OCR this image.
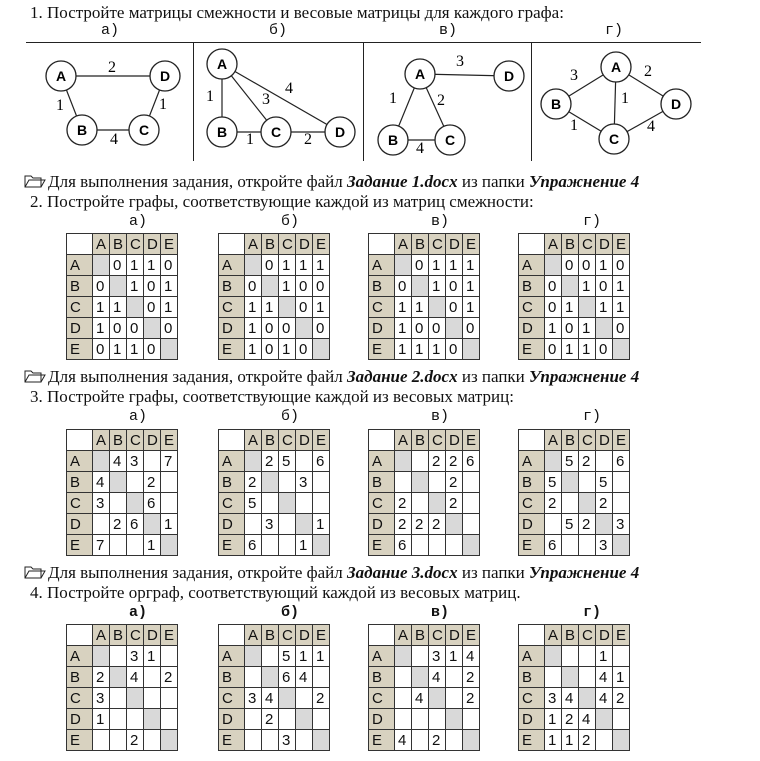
1. Постройте матрицы смежности и весовые матрицы для каждого графа:
а)	б)	в)	г)
2
1	1
4
A	D
B	C
1	3
4
1	2
A
B	C	D
3
1	2
4
A	D
B	C
3	2
1
1	4
A
B
C
D
Для выполнения задания, откройте файл Задание 1.docx из папки Упражнение 4
2. Постройте графы, соответствующие каждой из матриц смежности:
а)	б)	в)	г)
	A	B	C	D	E
A		0	1	1	0
B	0		1	0	1
C	1	1		0	1
D	1	0	0		0
E	0	1	1	0	
	A	B	C	D	E
A		0	1	1	1
B	0		1	0	0
C	1	1		0	1
D	1	0	0		0
E	1	0	1	0	
	A	B	C	D	E
A		0	1	1	1
B	0		1	0	1
C	1	1		0	1
D	1	0	0		0
E	1	1	1	0	
	A	B	C	D	E
A		0	0	1	0
B	0		1	0	1
C	0	1		1	1
D	1	0	1		0
E	0	1	1	0	
Для выполнения задания, откройте файл Задание 2.docx из папки Упражнение 4
3. Постройте графы, соответствующие каждой из весовых матриц:
а)	б)	в)	г)
	A	B	C	D	E
A		4	3		7
B	4			2	
C	3			6	
D		2	6		1
E	7			1	
	A	B	C	D	E
A		2	5		6
B	2			3	
C	5				
D		3			1
E	6			1	
	A	B	C	D	E
A			2	2	6
B				2	
C	2			2	
D	2	2	2		
E	6				
	A	B	C	D	E
A		5	2		6
B	5			5	
C	2			2	
D		5	2		3
E	6			3	
Для выполнения задания, откройте файл Задание 3.docx из папки Упражнение 4
4. Постройте орграф, соответствующий каждой из весовых матриц.
а)	б)	в)	г)
	A	B	C	D	E
A			3	1	
B	2		4		2
C	3				
D	1				
E			2		
	A	B	C	D	E
A			5	1	1
B			6	4	
C	3	4			2
D		2			
E			3		
	A	B	C	D	E
A			3	1	4
B			4		2
C		4			2
D					
E	4		2		
	A	B	C	D	E
A				1	
B				4	1
C	3	4		4	2
D	1	2	4		
E	1	1	2		
